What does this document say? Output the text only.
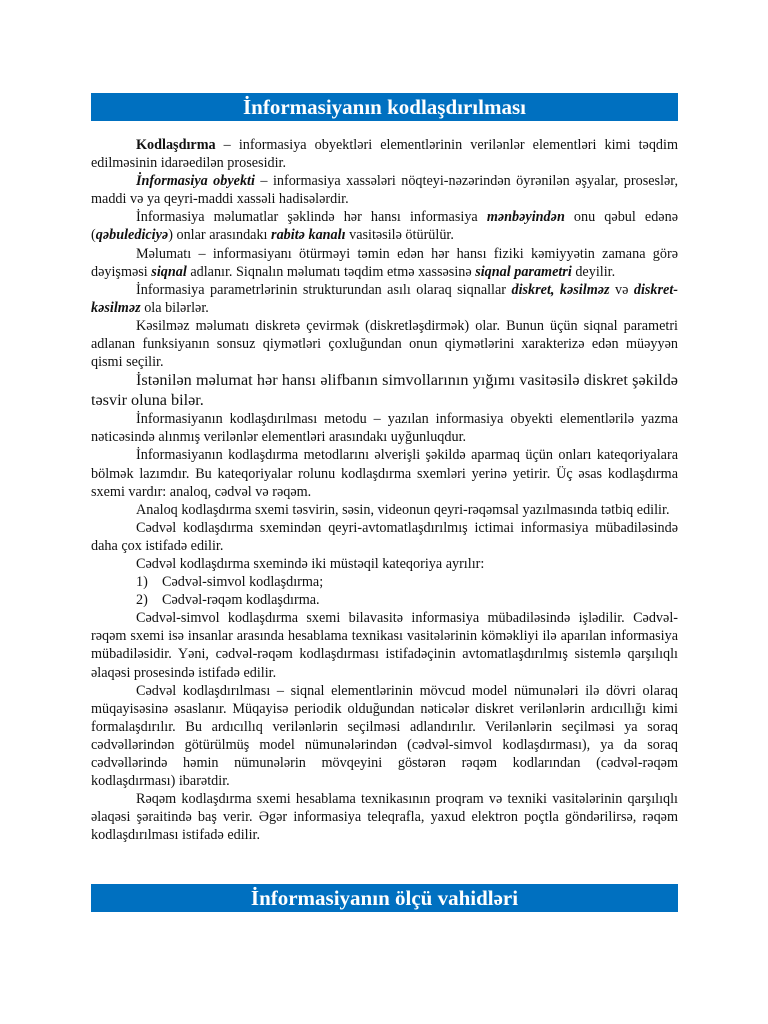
İnformasiyanın kodlaşdırılması

Kodlaşdırma – informasiya obyektləri elementlərinin verilənlər elementləri kimi təqdim edilməsinin idarəedilən prosesidir.

İnformasiya obyekti – informasiya xassələri nöqteyi-nəzərindən öyrənilən əşyalar, proseslər, maddi və ya qeyri-maddi xassəli hadisələrdir.

İnformasiya məlumatlar şəklində hər hansı informasiya mənbəyindən onu qəbul edənə (qəbulediciyə) onlar arasındakı rabitə kanalı vasitəsilə ötürülür.

Məlumatı – informasiyanı ötürməyi təmin edən hər hansı fiziki kəmiyyətin zamana görə dəyişməsi siqnal adlanır. Siqnalın məlumatı təqdim etmə xassəsinə siqnal parametri deyilir.

İnformasiya parametrlərinin strukturundan asılı olaraq siqnallar diskret, kəsilməz və diskret-kəsilməz ola bilərlər.

Kəsilməz məlumatı diskretə çevirmək (diskretləşdirmək) olar. Bunun üçün siqnal parametri adlanan funksiyanın sonsuz qiymətləri çoxluğundan onun qiymətlərini xarakterizə edən müəyyən qismi seçilir.

İstənilən məlumat hər hansı əlifbanın simvollarının yığımı vasitəsilə diskret şəkildə təsvir oluna bilər.

İnformasiyanın kodlaşdırılması metodu – yazılan informasiya obyekti elementlərilə yazma nəticəsində alınmış verilənlər elementləri arasındakı uyğunluqdur.

İnformasiyanın kodlaşdırma metodlarını əlverişli şəkildə aparmaq üçün onları kateqoriyalara bölmək lazımdır. Bu kateqoriyalar rolunu kodlaşdırma sxemləri yerinə yetirir. Üç əsas kodlaşdırma sxemi vardır: analoq, cədvəl və rəqəm.

Analoq kodlaşdırma sxemi təsvirin, səsin, videonun qeyri-rəqəmsal yazılmasında tətbiq edilir.

Cədvəl kodlaşdırma sxemindən qeyri-avtomatlaşdırılmış ictimai informasiya mübadiləsində daha çox istifadə edilir.

Cədvəl kodlaşdırma sxemində iki müstəqil kateqoriya ayrılır:

1) Cədvəl-simvol kodlaşdırma;

2) Cədvəl-rəqəm kodlaşdırma.

Cədvəl-simvol kodlaşdırma sxemi bilavasitə informasiya mübadiləsində işlədilir. Cədvəl-rəqəm sxemi isə insanlar arasında hesablama texnikası vasitələrinin köməkliyi ilə aparılan informasiya mübadiləsidir. Yəni, cədvəl-rəqəm kodlaşdırması istifadəçinin avtomatlaşdırılmış sistemlə qarşılıqlı əlaqəsi prosesində istifadə edilir.

Cədvəl kodlaşdırılması – siqnal elementlərinin mövcud model nümunələri ilə dövri olaraq müqayisəsinə əsaslanır. Müqayisə periodik olduğundan nəticələr diskret verilənlərin ardıcıllığı kimi formalaşdırılır. Bu ardıcıllıq verilənlərin seçilməsi adlandırılır. Verilənlərin seçilməsi ya soraq cədvəllərindən götürülmüş model nümunələrindən (cədvəl-simvol kodlaşdırması), ya da soraq cədvəllərində həmin nümunələrin mövqeyini göstərən rəqəm kodlarından (cədvəl-rəqəm kodlaşdırması) ibarətdir.

Rəqəm kodlaşdırma sxemi hesablama texnikasının proqram və texniki vasitələrinin qarşılıqlı əlaqəsi şəraitində baş verir. Əgər informasiya teleqrafla, yaxud elektron poçtla göndərilirsə, rəqəm kodlaşdırılması istifadə edilir.

İnformasiyanın ölçü vahidləri
